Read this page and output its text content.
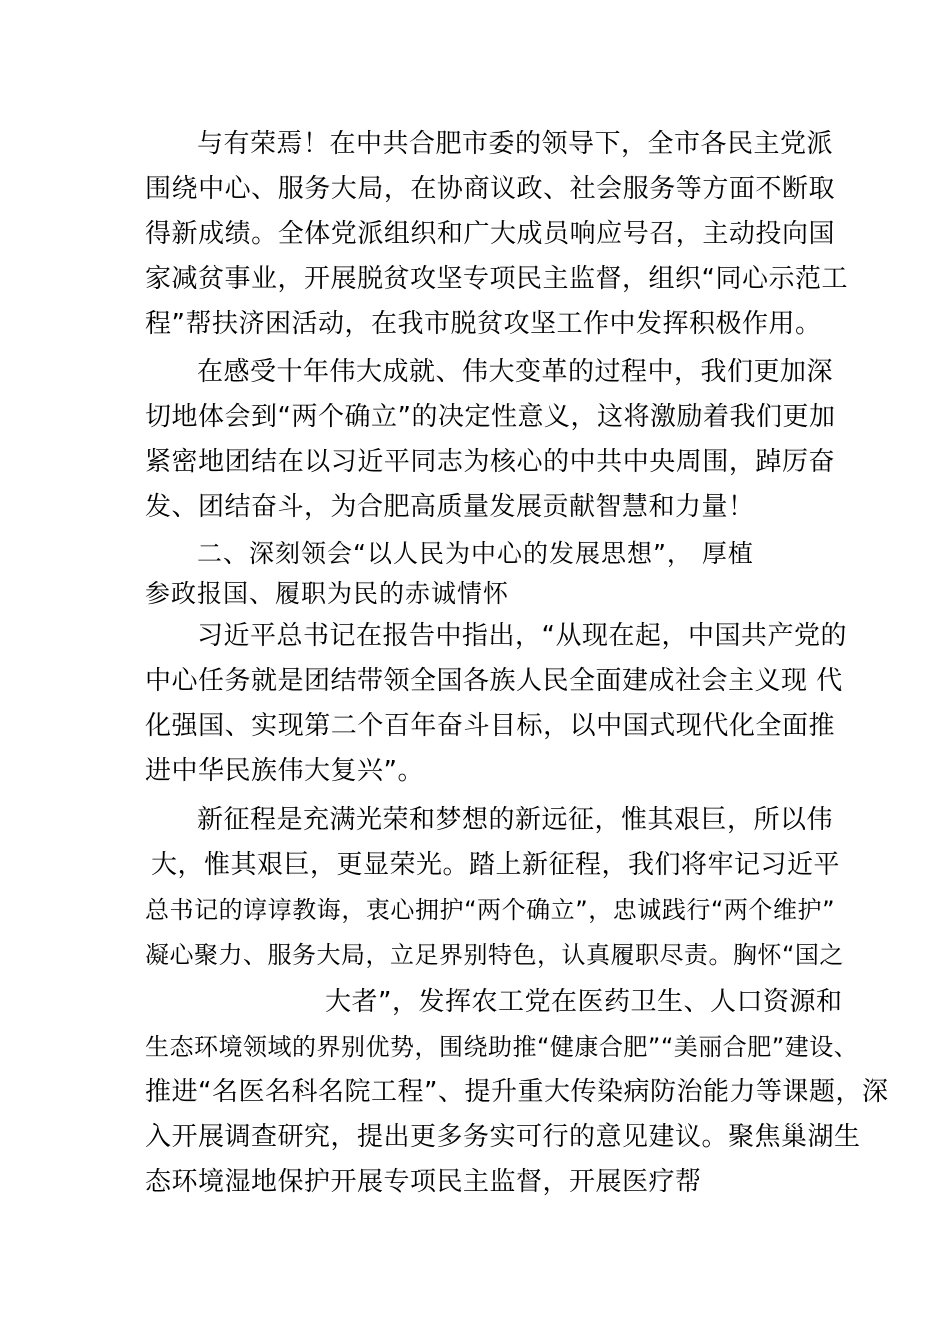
与有荣焉！在中共合肥市委的领导下，全市各民主党派
围绕中心、服务大局，在协商议政、社会服务等方面不断取
得新成绩。全体党派组织和广大成员响应号召，主动投向国
家减贫事业，开展脱贫攻坚专项民主监督，组织“同心示范工
程”帮扶济困活动，在我市脱贫攻坚工作中发挥积极作用。
在感受十年伟大成就、伟大变革的过程中，我们更加深
切地体会到“两个确立”的决定性意义，这将激励着我们更加
紧密地团结在以习近平同志为核心的中共中央周围，踔厉奋
发、团结奋斗，为合肥高质量发展贡献智慧和力量！
二、深刻领会“以人民为中心的发展思想”， 厚植
参政报国、履职为民的赤诚情怀
习近平总书记在报告中指出，“从现在起，中国共产党的
中心任务就是团结带领全国各族人民全面建成社会主义现 代
化强国、实现第二个百年奋斗目标，以中国式现代化全面推
进中华民族伟大复兴”。
新征程是充满光荣和梦想的新远征，惟其艰巨，所以伟
大，惟其艰巨，更显荣光。踏上新征程，我们将牢记习近平
总书记的谆谆教诲，衷心拥护“两个确立”，忠诚践行“两个维护”
凝心聚力、服务大局，立足界别特色，认真履职尽责。胸怀“国之
大者”，发挥农工党在医药卫生、人口资源和
生态环境领域的界别优势，围绕助推“健康合肥”“美丽合肥”建设、
推进“名医名科名院工程”、提升重大传染病防治能力等课题，深
入开展调查研究，提出更多务实可行的意见建议。聚焦巢湖生
态环境湿地保护开展专项民主监督，开展医疗帮
